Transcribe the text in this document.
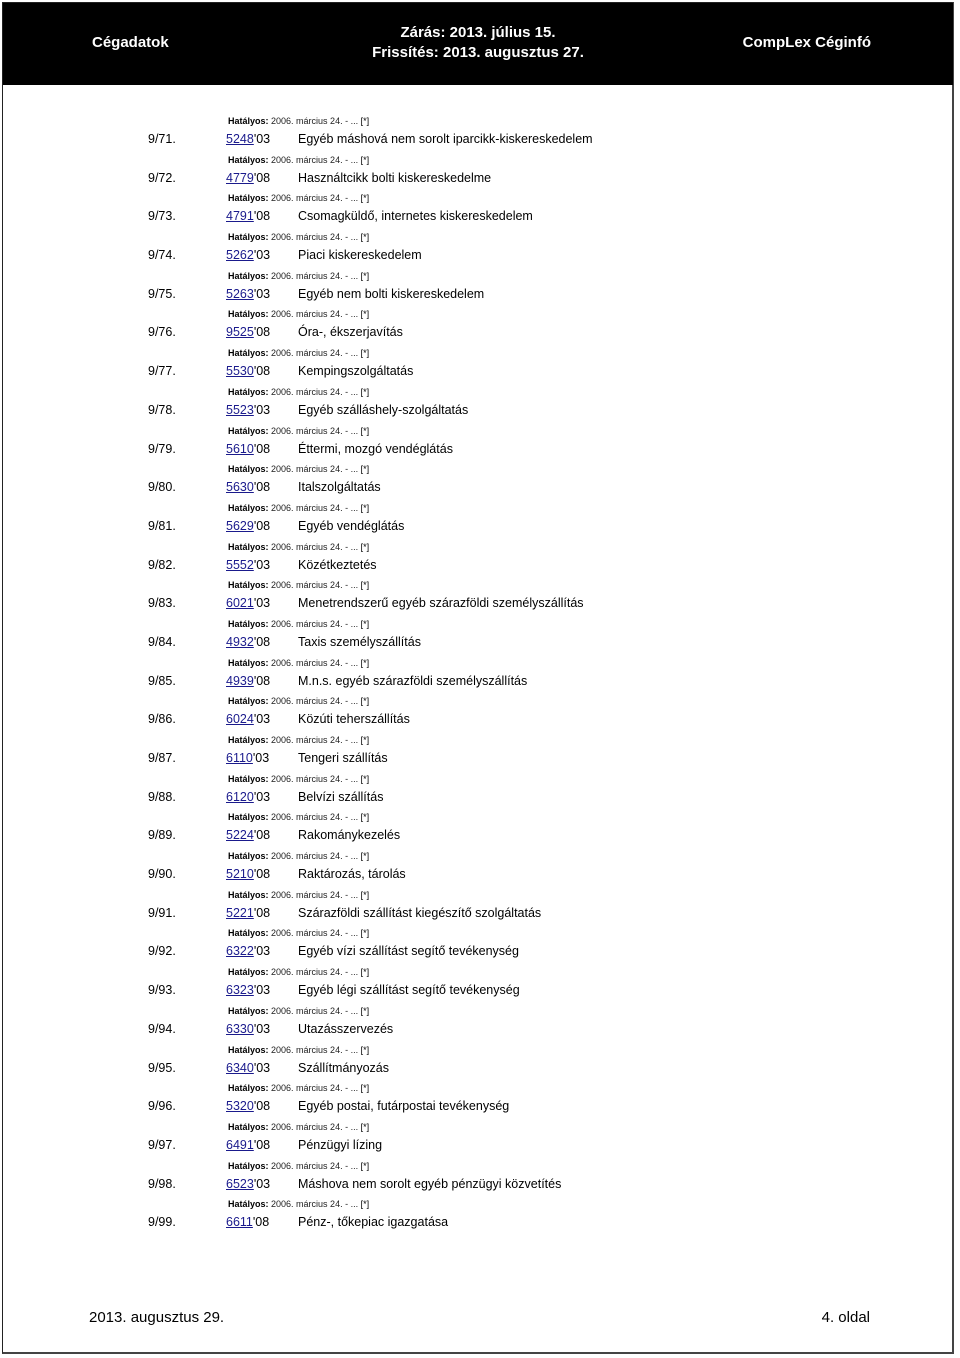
Cégadatok
Zárás: 2013. július 15.
Frissítés: 2013. augusztus 27.
CompLex Céginfó
Hatályos: 2006. március 24. - ... [*]
9/71.	5248'03 Egyéb máshová nem sorolt iparcikk-kiskereskedelem
Hatályos: 2006. március 24. - ... [*]
9/72.	4779'08 Használtcikk bolti kiskereskedelme
Hatályos: 2006. március 24. - ... [*]
9/73.	4791'08 Csomagküldő, internetes kiskereskedelem
Hatályos: 2006. március 24. - ... [*]
9/74.	5262'03 Piaci kiskereskedelem
Hatályos: 2006. március 24. - ... [*]
9/75.	5263'03 Egyéb nem bolti kiskereskedelem
Hatályos: 2006. március 24. - ... [*]
9/76.	9525'08 Óra-, ékszerjavítás
Hatályos: 2006. március 24. - ... [*]
9/77.	5530'08 Kempingszolgáltatás
Hatályos: 2006. március 24. - ... [*]
9/78.	5523'03 Egyéb szálláshely-szolgáltatás
Hatályos: 2006. március 24. - ... [*]
9/79.	5610'08 Éttermi, mozgó vendéglátás
Hatályos: 2006. március 24. - ... [*]
9/80.	5630'08 Italszolgáltatás
Hatályos: 2006. március 24. - ... [*]
9/81.	5629'08 Egyéb vendéglátás
Hatályos: 2006. március 24. - ... [*]
9/82.	5552'03 Közétkeztetés
Hatályos: 2006. március 24. - ... [*]
9/83.	6021'03 Menetrendszerű egyéb szárazföldi személyszállítás
Hatályos: 2006. március 24. - ... [*]
9/84.	4932'08 Taxis személyszállítás
Hatályos: 2006. március 24. - ... [*]
9/85.	4939'08 M.n.s. egyéb szárazföldi személyszállítás
Hatályos: 2006. március 24. - ... [*]
9/86.	6024'03 Közúti teherszállítás
Hatályos: 2006. március 24. - ... [*]
9/87.	6110'03 Tengeri szállítás
Hatályos: 2006. március 24. - ... [*]
9/88.	6120'03 Belvízi szállítás
Hatályos: 2006. március 24. - ... [*]
9/89.	5224'08 Rakománykezelés
Hatályos: 2006. március 24. - ... [*]
9/90.	5210'08 Raktározás, tárolás
Hatályos: 2006. március 24. - ... [*]
9/91.	5221'08 Szárazföldi szállítást kiegészítő szolgáltatás
Hatályos: 2006. március 24. - ... [*]
9/92.	6322'03 Egyéb vízi szállítást segítő tevékenység
Hatályos: 2006. március 24. - ... [*]
9/93.	6323'03 Egyéb légi szállítást segítő tevékenység
Hatályos: 2006. március 24. - ... [*]
9/94.	6330'03 Utazásszervezés
Hatályos: 2006. március 24. - ... [*]
9/95.	6340'03 Szállítmányozás
Hatályos: 2006. március 24. - ... [*]
9/96.	5320'08 Egyéb postai, futárpostai tevékenység
Hatályos: 2006. március 24. - ... [*]
9/97.	6491'08 Pénzügyi lízing
Hatályos: 2006. március 24. - ... [*]
9/98.	6523'03 Máshova nem sorolt egyéb pénzügyi közvetítés
Hatályos: 2006. március 24. - ... [*]
9/99.	6611'08 Pénz-, tőkepiac igazgatása
2013. augusztus 29.	4. oldal
